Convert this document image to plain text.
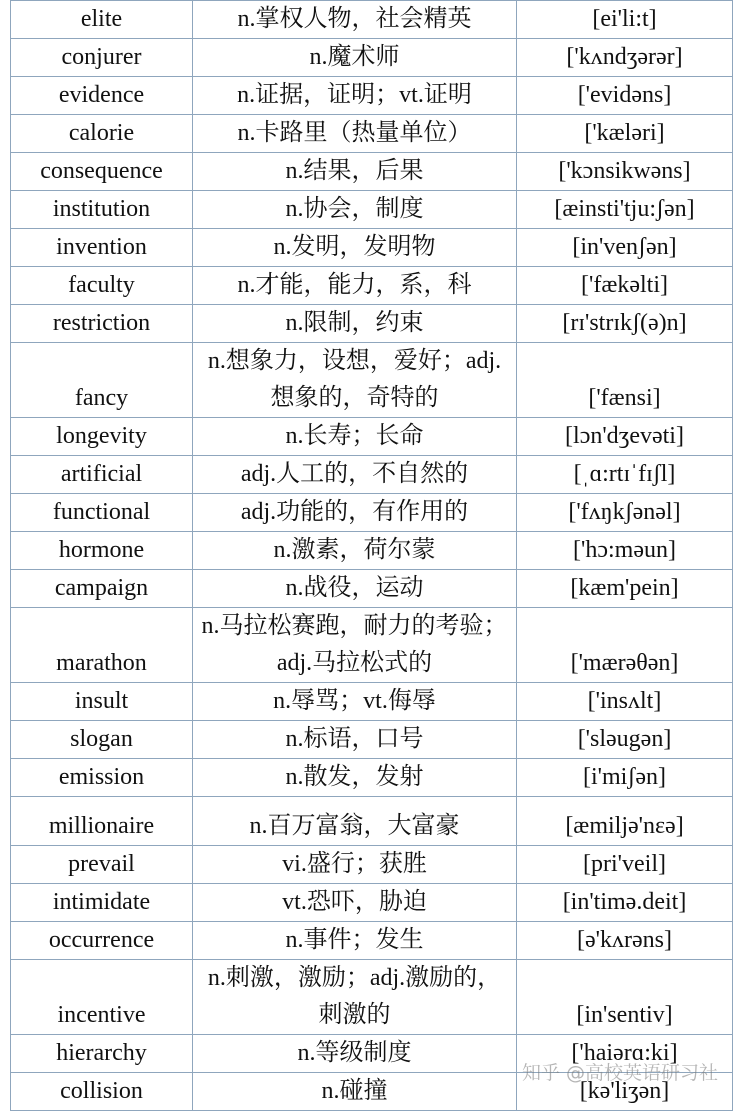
elite	n.掌权人物，社会精英	[ei'li:t]
conjurer	n.魔术师	['kʌndʒərər]
evidence	n.证据，证明；vt.证明	['evidəns]
calorie	n.卡路里（热量单位）	['kæləri]
consequence	n.结果，后果	['kɔnsikwəns]
institution	n.协会，制度	[æinsti'tju:ʃən]
invention	n.发明，发明物	[in'venʃən]
faculty	n.才能，能力，系，科	['fækəlti]
restriction	n.限制，约束	[rɪ'strɪkʃ(ə)n]
fancy	n.想象力，设想，爱好；adj.想象的，奇特的	['fænsi]
longevity	n.长寿；长命	[lɔn'dʒevəti]
artificial	adj.人工的，不自然的	[ˌɑ:rtɪˈfɪʃl]
functional	adj.功能的，有作用的	['fʌŋkʃənəl]
hormone	n.激素，荷尔蒙	['hɔ:məun]
campaign	n.战役，运动	[kæm'pein]
marathon	n.马拉松赛跑，耐力的考验；adj.马拉松式的	['mærəθən]
insult	n.辱骂；vt.侮辱	['insʌlt]
slogan	n.标语，口号	['sləugən]
emission	n.散发，发射	[i'miʃən]
millionaire	n.百万富翁，大富豪	[æmiljə'nɛə]
prevail	vi.盛行；获胜	[pri'veil]
intimidate	vt.恐吓，胁迫	[in'timə.deit]
occurrence	n.事件；发生	[ə'kʌrəns]
incentive	n.刺激，激励；adj.激励的，刺激的	[in'sentiv]
hierarchy	n.等级制度	['haiərɑ:ki]
collision	n.碰撞	[kə'liʒən]
知乎 @高校英语研习社
